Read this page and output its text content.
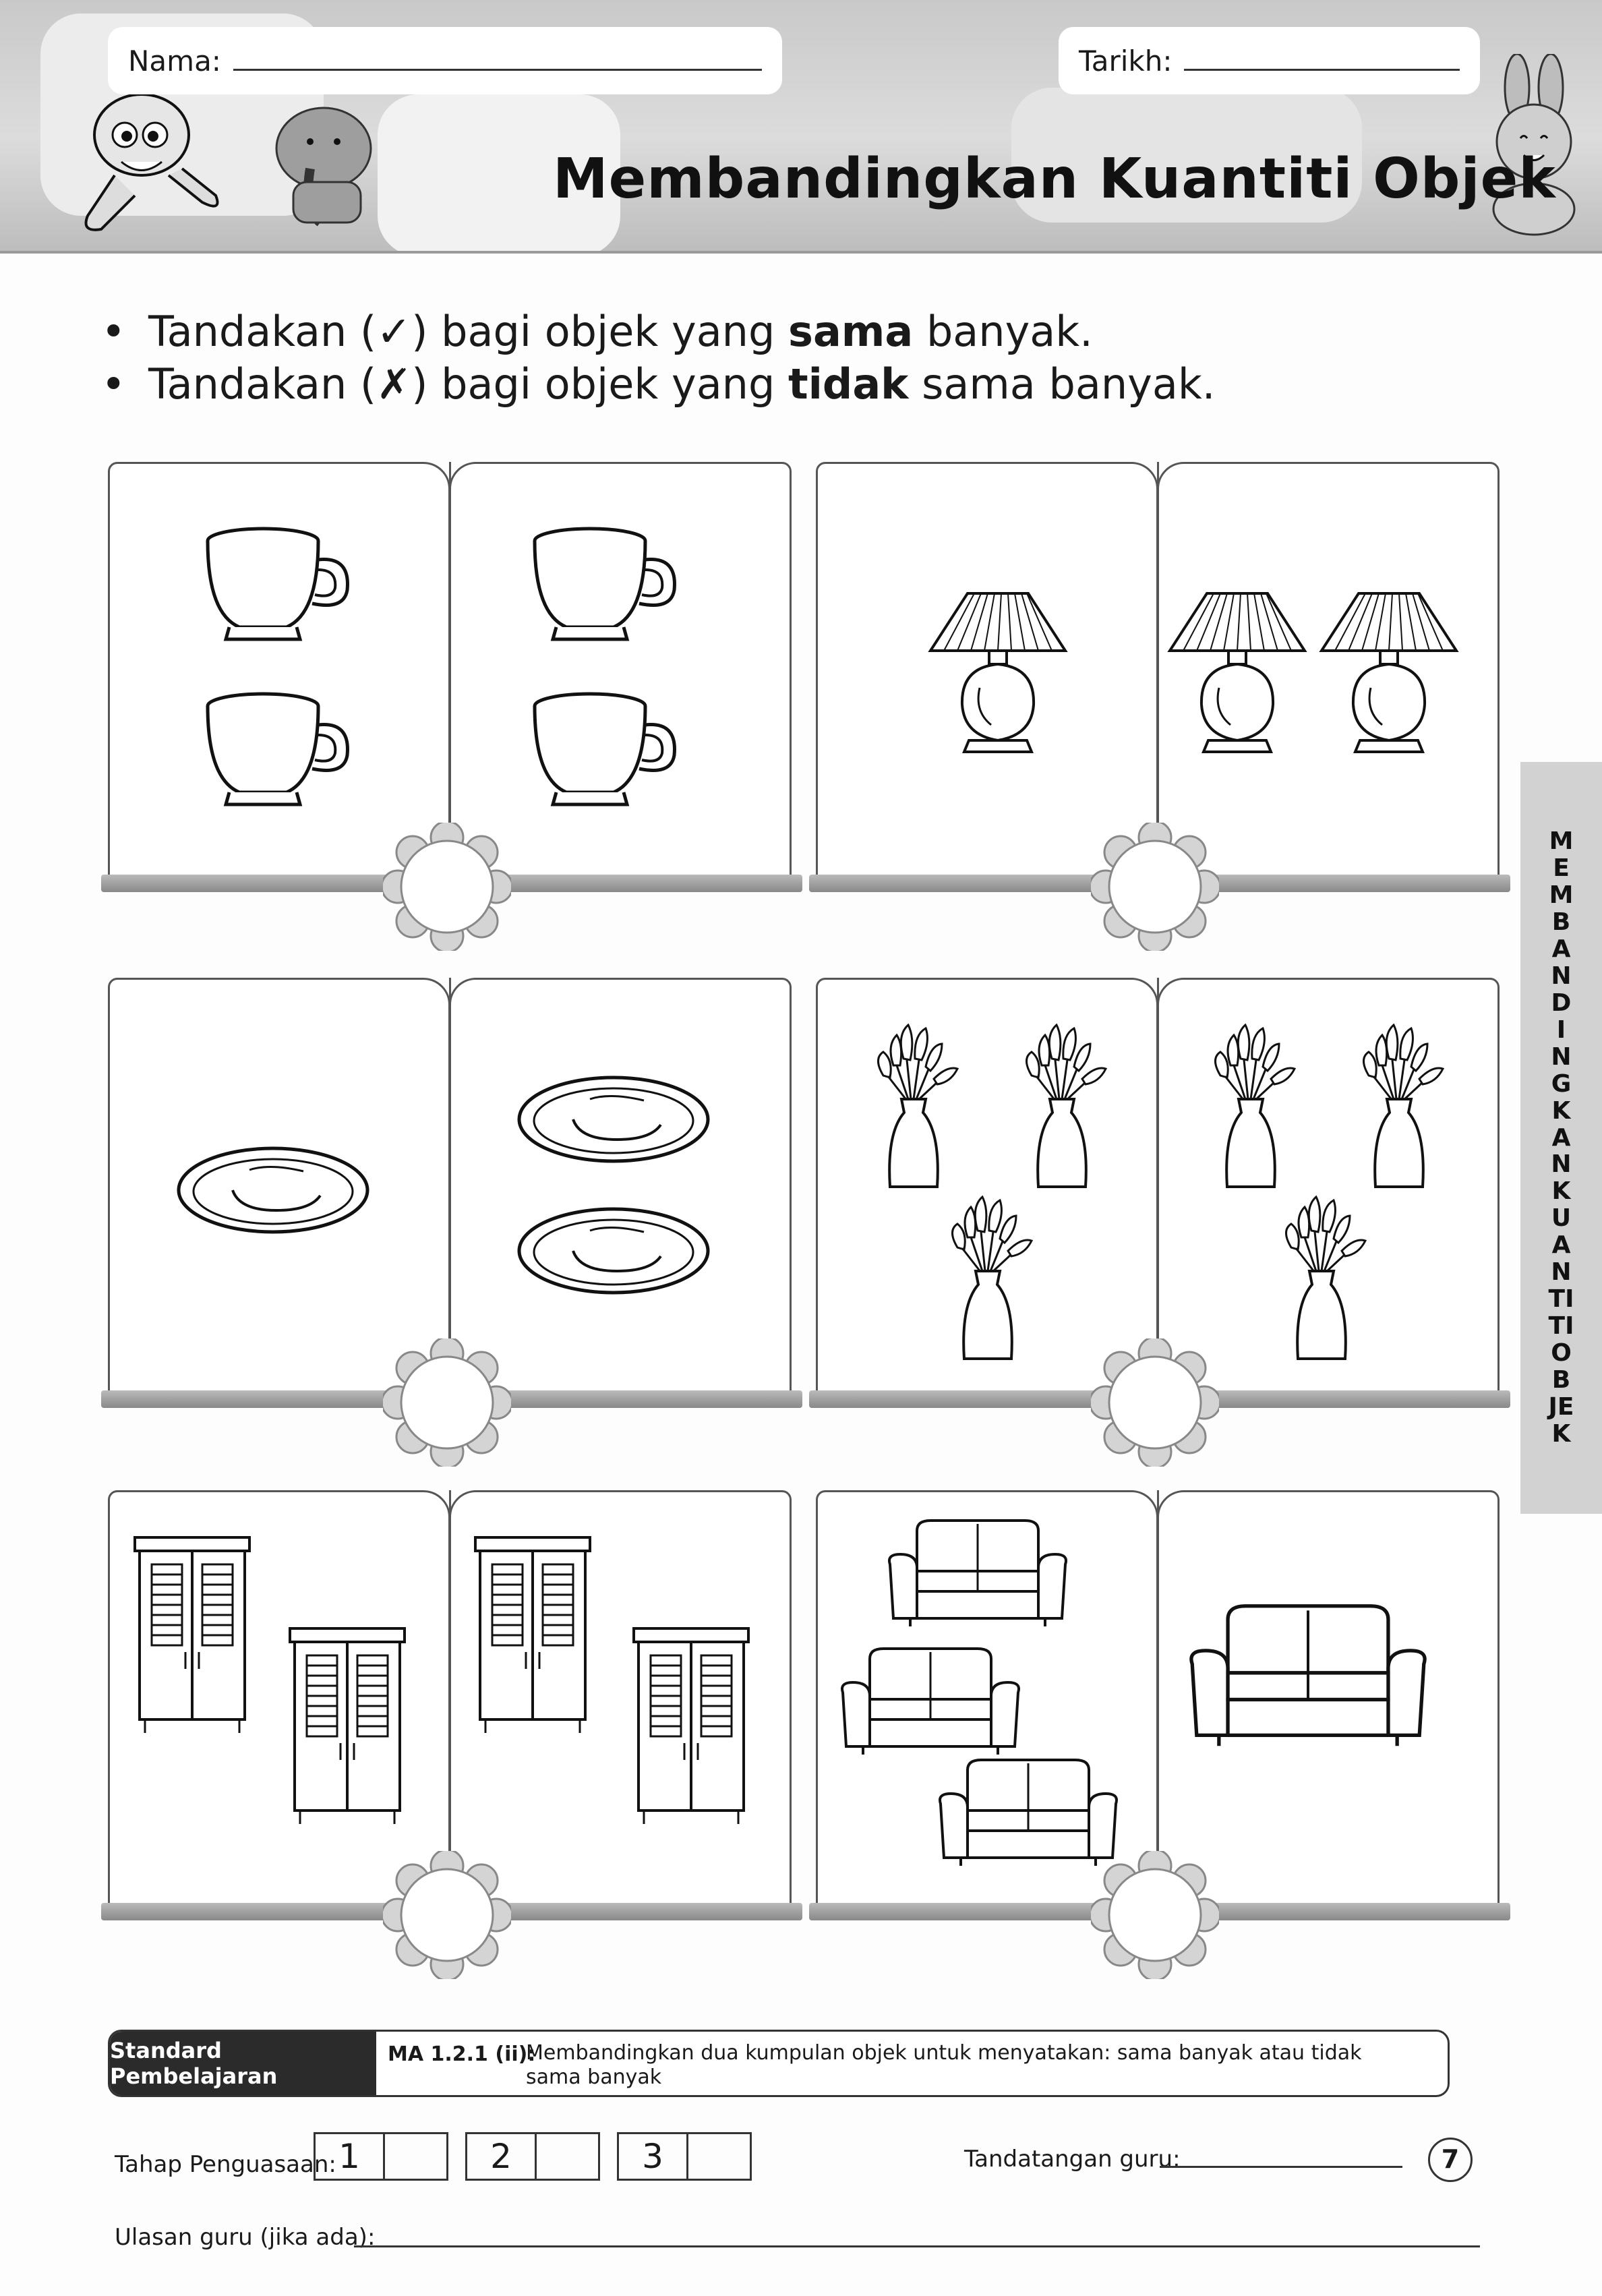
Nama:	Tarikh:
Membandingkan Kuantiti Objek
• Tandakan (✓) bagi objek yang sama banyak.
• Tandakan (✗) bagi objek yang tidak sama banyak.
MEMBANDINGKAN KUANTITI OBJEK
Standard Pembelajaran
MA 1.2.1 (ii):
Membandingkan dua kumpulan objek untuk menyatakan: sama banyak atau tidak sama banyak
Tahap Penguasaan: 1	2	3	Tandatangan guru:	7
Ulasan guru (jika ada):
